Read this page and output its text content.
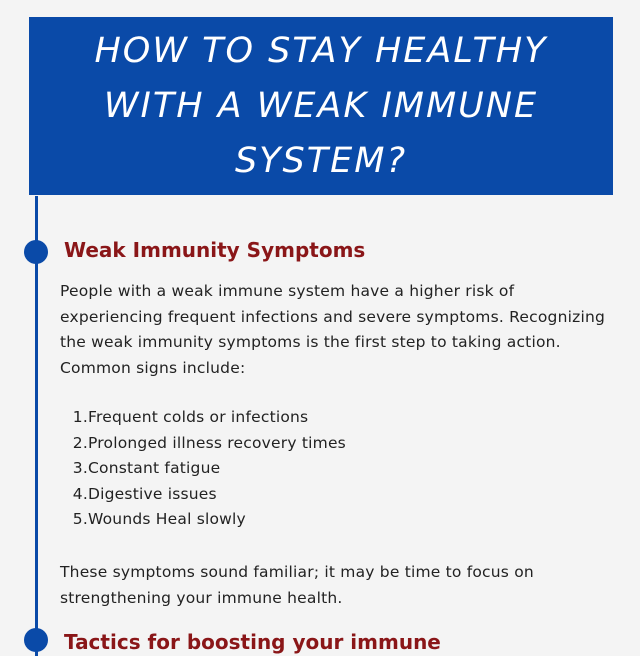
HOW TO STAY HEALTHY WITH A WEAK IMMUNE SYSTEM?
Weak Immunity Symptoms

People with a weak immune system have a higher risk of experiencing frequent infections and severe symptoms. Recognizing the weak immunity symptoms is the first step to taking action. Common signs include:

1. Frequent colds or infections
2. Prolonged illness recovery times
3. Constant fatigue
4. Digestive issues
5. Wounds Heal slowly

These symptoms sound familiar; it may be time to focus on strengthening your immune health.

Tactics for boosting your immune
